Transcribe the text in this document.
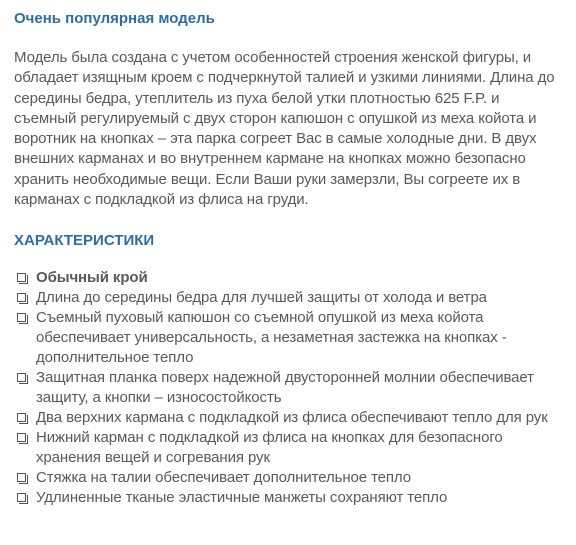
Очень популярная модель

Модель была создана с учетом особенностей строения женской фигуры, и обладает изящным кроем с подчеркнутой талией и узкими линиями. Длина до середины бедра, утеплитель из пуха белой утки плотностью 625 F.P. и съемный регулируемый с двух сторон капюшон с опушкой из меха койота и воротник на кнопках – эта парка согреет Вас в самые холодные дни. В двух внешних карманах и во внутреннем кармане на кнопках можно безопасно хранить необходимые вещи. Если Ваши руки замерзли, Вы согреете их в карманах с подкладкой из флиса на груди.

ХАРАКТЕРИСТИКИ
Обычный крой
Длина до середины бедра для лучшей защиты от холода и ветра
Съемный пуховый капюшон со съемной опушкой из меха койота обеспечивает универсальность, а незаметная застежка на кнопках - дополнительное тепло
Защитная планка поверх надежной двусторонней молнии обеспечивает защиту, а кнопки – износостойкость
Два верхних кармана с подкладкой из флиса обеспечивают тепло для рук
Нижний карман с подкладкой из флиса на кнопках для безопасного хранения вещей и согревания рук
Стяжка на талии обеспечивает дополнительное тепло
Удлиненные тканые эластичные манжеты сохраняют тепло
